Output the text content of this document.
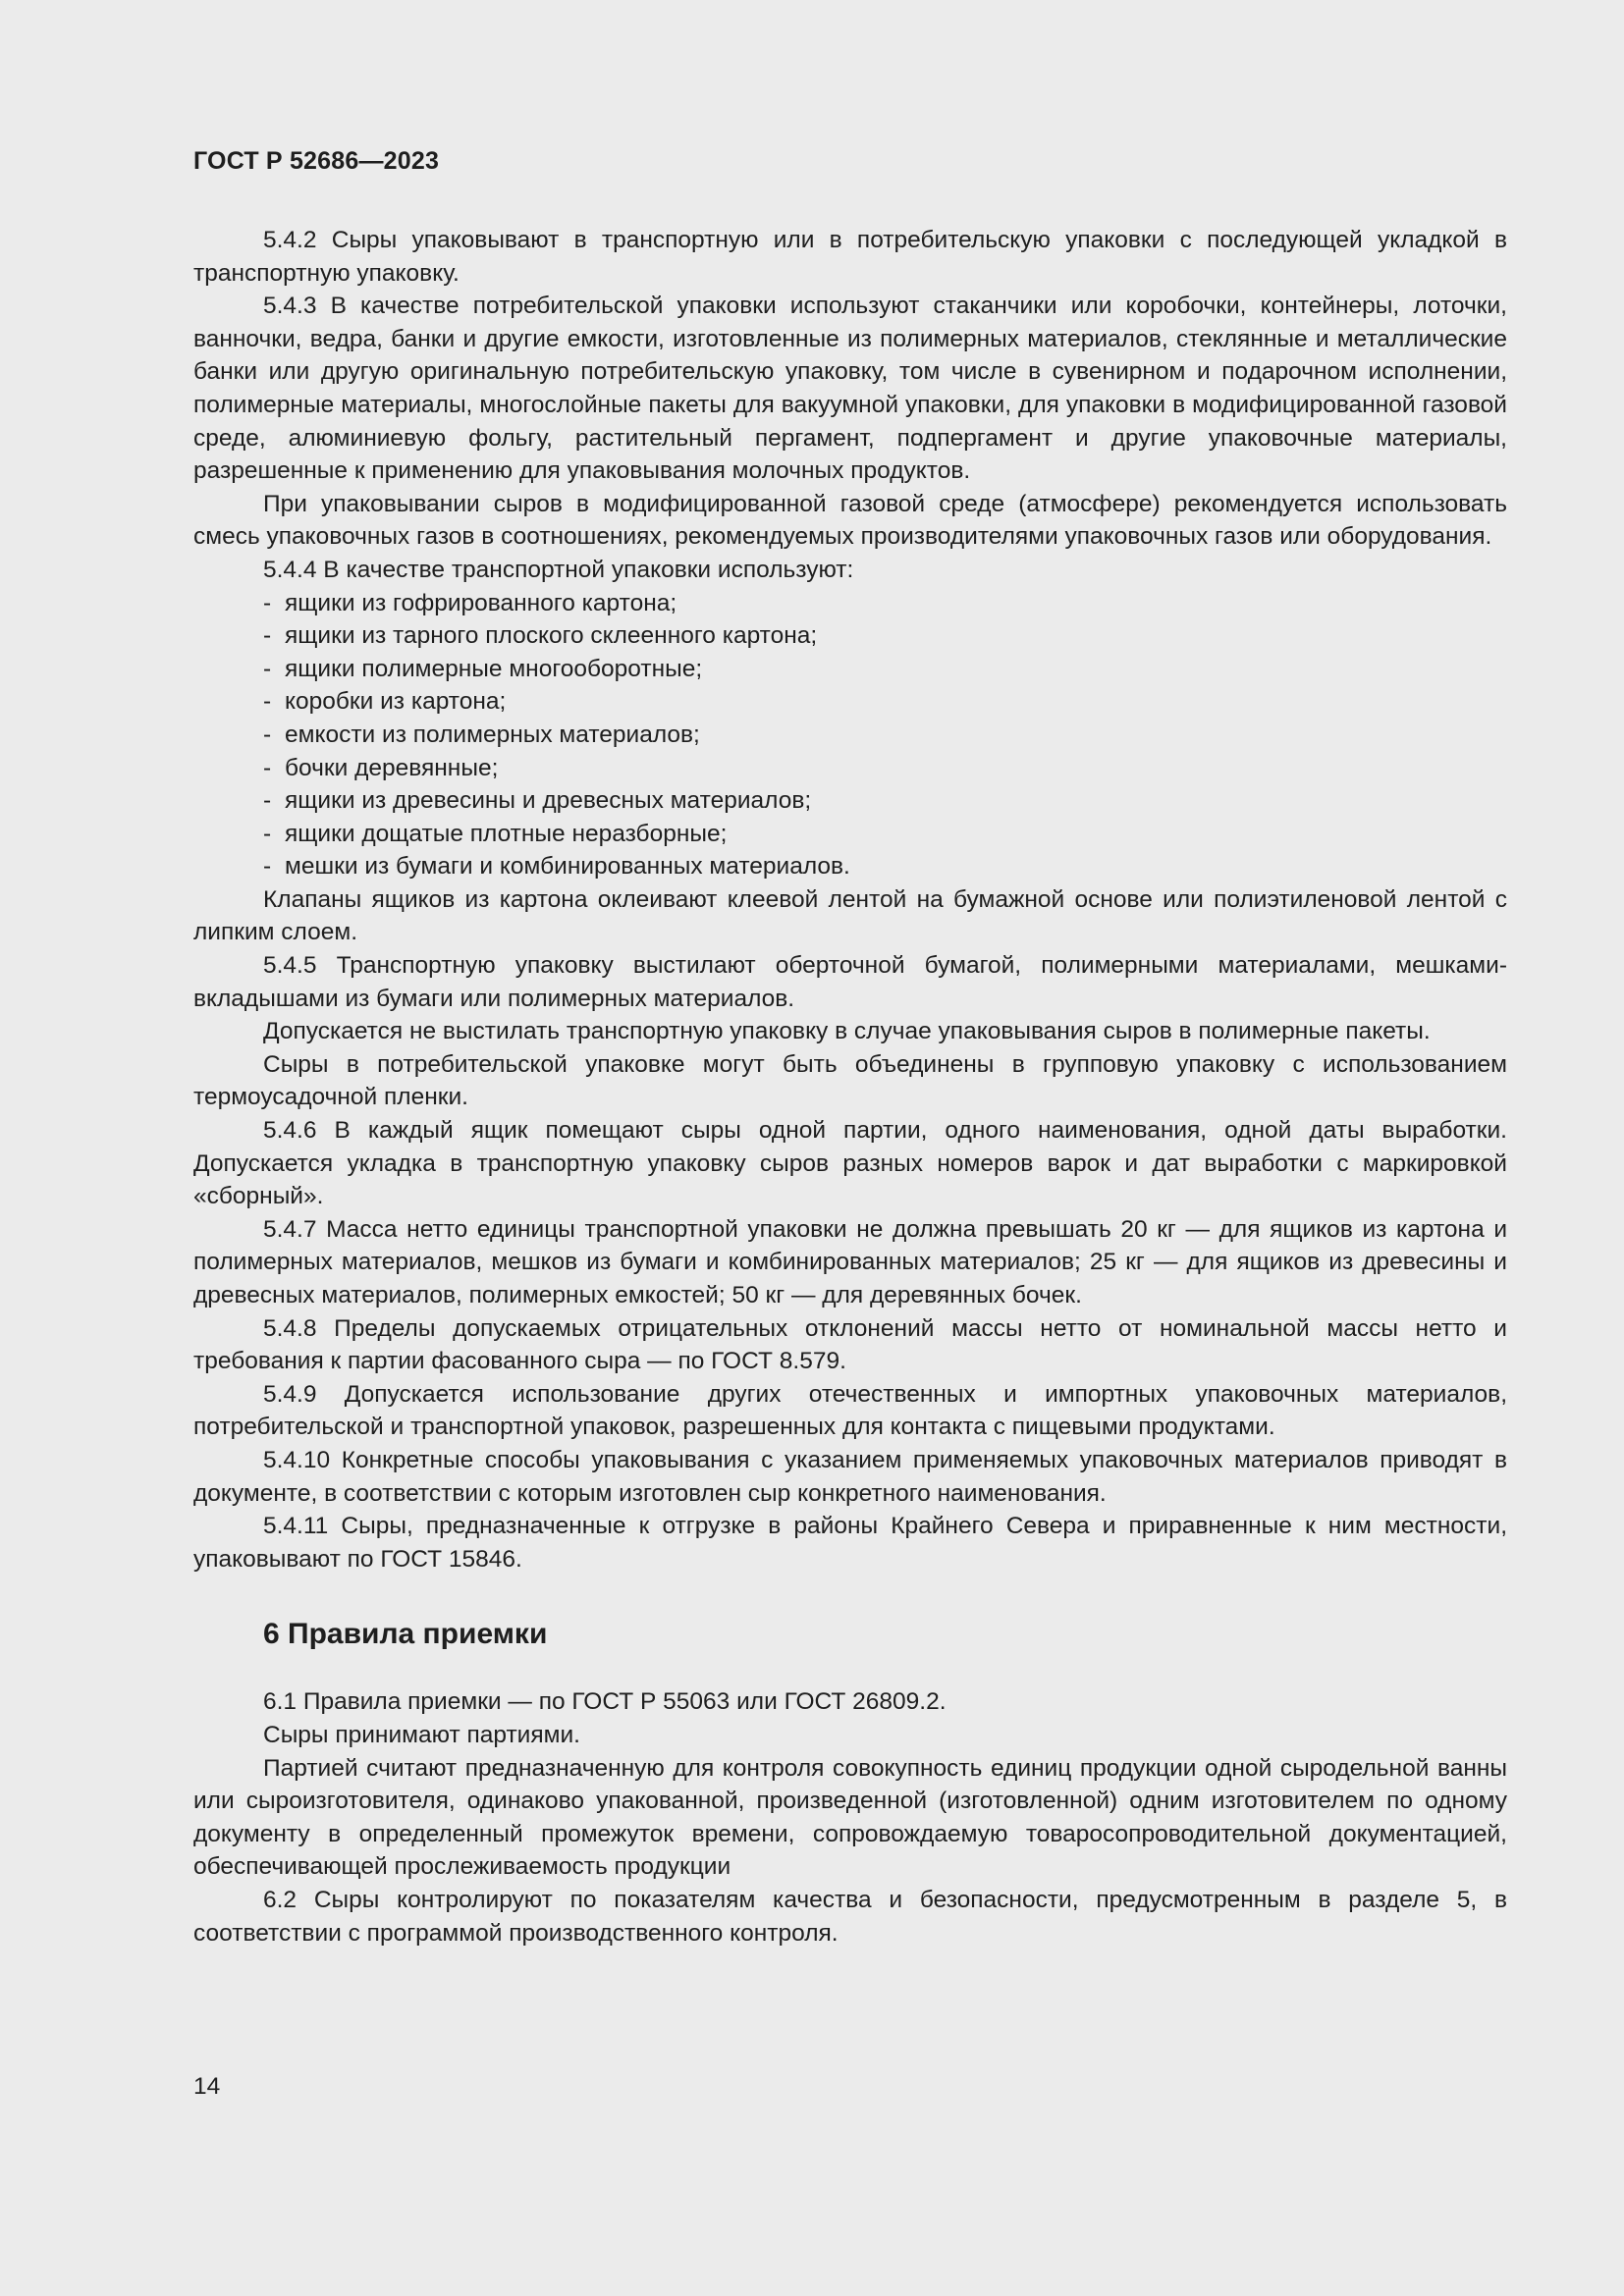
ГОСТ Р 52686—2023

5.4.2 Сыры упаковывают в транспортную или в потребительскую упаковки с последующей укладкой в транспортную упаковку.

5.4.3 В качестве потребительской упаковки используют стаканчики или коробочки, контейнеры, лоточки, ванночки, ведра, банки и другие емкости, изготовленные из полимерных материалов, стеклянные и металлические банки или другую оригинальную потребительскую упаковку, том числе в сувенирном и подарочном исполнении, полимерные материалы, многослойные пакеты для вакуумной упаковки, для упаковки в модифицированной газовой среде, алюминиевую фольгу, растительный пергамент, подпергамент и другие упаковочные материалы, разрешенные к применению для упаковывания молочных продуктов.

При упаковывании сыров в модифицированной газовой среде (атмосфере) рекомендуется использовать смесь упаковочных газов в соотношениях, рекомендуемых производителями упаковочных газов или оборудования.

5.4.4 В качестве транспортной упаковки используют:

- ящики из гофрированного картона;
- ящики из тарного плоского склеенного картона;
- ящики полимерные многооборотные;
- коробки из картона;
- емкости из полимерных материалов;
- бочки деревянные;
- ящики из древесины и древесных материалов;
- ящики дощатые плотные неразборные;
- мешки из бумаги и комбинированных материалов.

Клапаны ящиков из картона оклеивают клеевой лентой на бумажной основе или полиэтиленовой лентой с липким слоем.

5.4.5 Транспортную упаковку выстилают оберточной бумагой, полимерными материалами, мешками-вкладышами из бумаги или полимерных материалов.

Допускается не выстилать транспортную упаковку в случае упаковывания сыров в полимерные пакеты.

Сыры в потребительской упаковке могут быть объединены в групповую упаковку с использованием термоусадочной пленки.

5.4.6 В каждый ящик помещают сыры одной партии, одного наименования, одной даты выработки. Допускается укладка в транспортную упаковку сыров разных номеров варок и дат выработки с маркировкой «сборный».

5.4.7 Масса нетто единицы транспортной упаковки не должна превышать 20 кг — для ящиков из картона и полимерных материалов, мешков из бумаги и комбинированных материалов; 25 кг — для ящиков из древесины и древесных материалов, полимерных емкостей; 50 кг — для деревянных бочек.

5.4.8 Пределы допускаемых отрицательных отклонений массы нетто от номинальной массы нетто и требования к партии фасованного сыра — по ГОСТ 8.579.

5.4.9 Допускается использование других отечественных и импортных упаковочных материалов, потребительской и транспортной упаковок, разрешенных для контакта с пищевыми продуктами.

5.4.10 Конкретные способы упаковывания с указанием применяемых упаковочных материалов приводят в документе, в соответствии с которым изготовлен сыр конкретного наименования.

5.4.11 Сыры, предназначенные к отгрузке в районы Крайнего Севера и приравненные к ним местности, упаковывают по ГОСТ 15846.

6 Правила приемки

6.1 Правила приемки — по ГОСТ Р 55063 или ГОСТ 26809.2.

Сыры принимают партиями.

Партией считают предназначенную для контроля совокупность единиц продукции одной сыродельной ванны или сыроизготовителя, одинаково упакованной, произведенной (изготовленной) одним изготовителем по одному документу в определенный промежуток времени, сопровождаемую товаросопроводительной документацией, обеспечивающей прослеживаемость продукции

6.2 Сыры контролируют по показателям качества и безопасности, предусмотренным в разделе 5, в соответствии с программой производственного контроля.

14
